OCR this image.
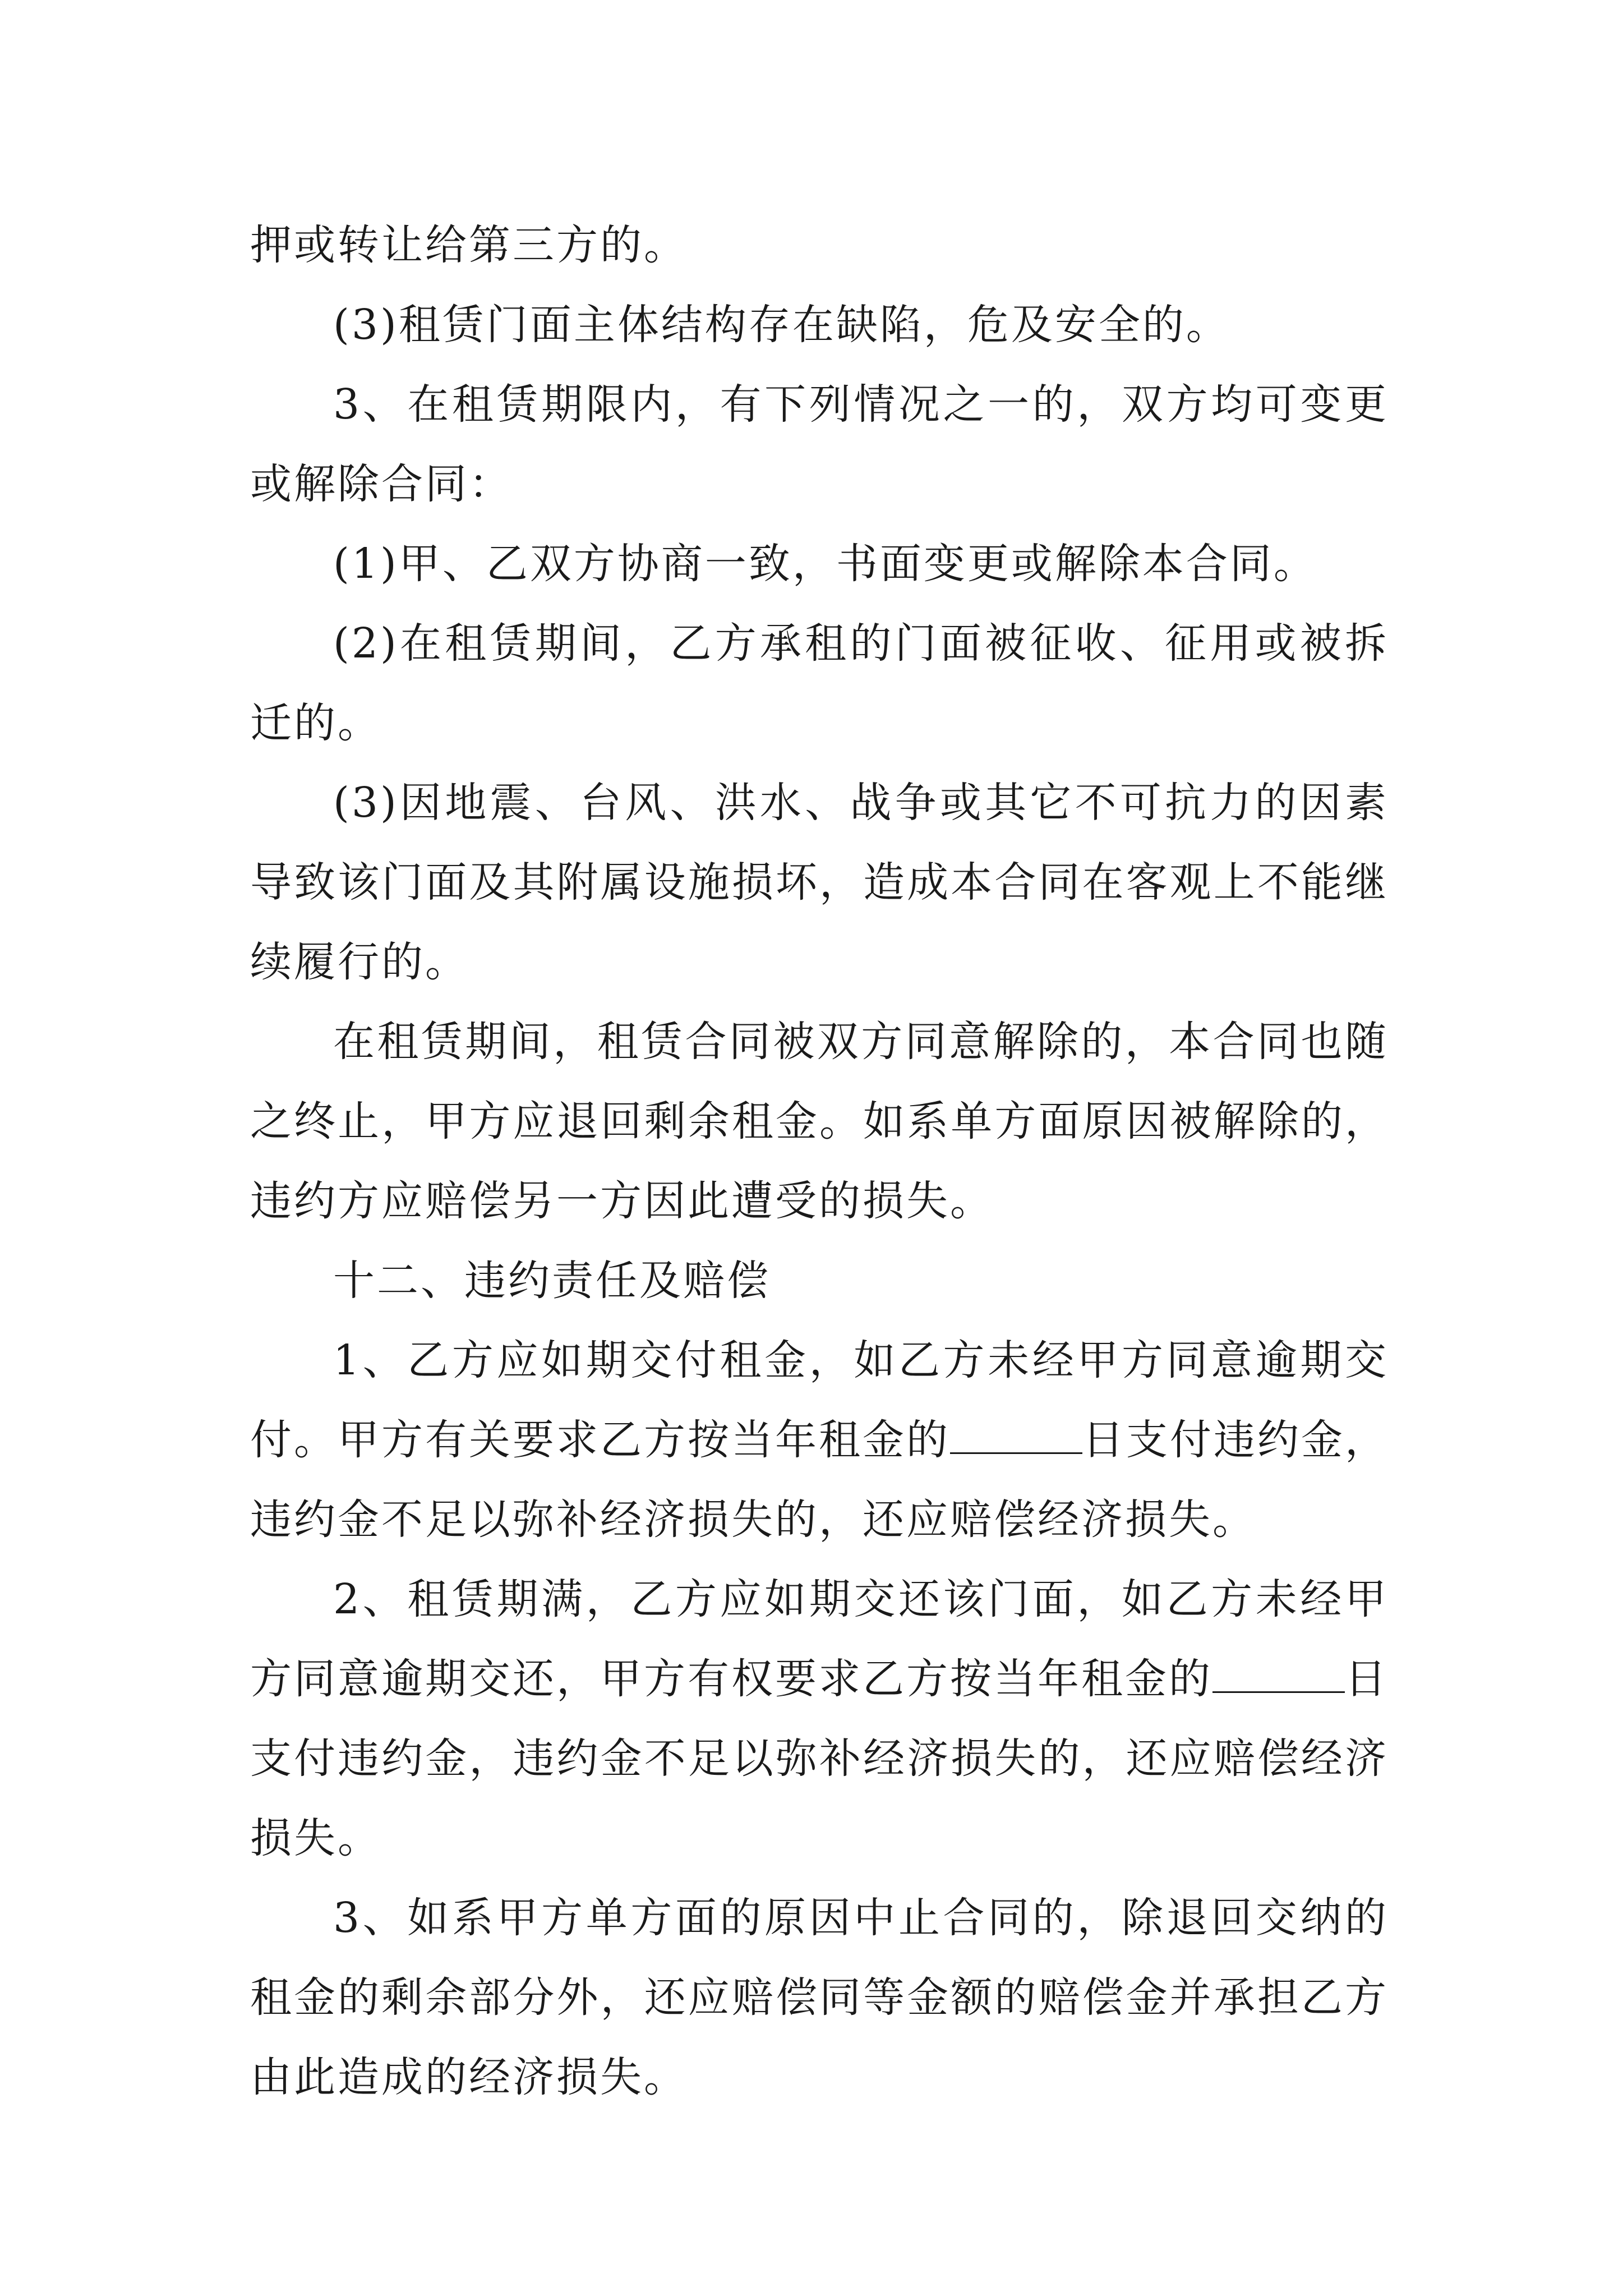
押或转让给第三方的。

(3)租赁门面主体结构存在缺陷，危及安全的。

3、在租赁期限内，有下列情况之一的，双方均可变更或解除合同：

(1)甲、乙双方协商一致，书面变更或解除本合同。

(2)在租赁期间，乙方承租的门面被征收、征用或被拆迁的。

(3)因地震、台风、洪水、战争或其它不可抗力的因素导致该门面及其附属设施损坏，造成本合同在客观上不能继续履行的。

在租赁期间，租赁合同被双方同意解除的，本合同也随之终止，甲方应退回剩余租金。如系单方面原因被解除的，违约方应赔偿另一方因此遭受的损失。

十二、违约责任及赔偿

1、乙方应如期交付租金，如乙方未经甲方同意逾期交付。甲方有关要求乙方按当年租金的	日支付违约金，违约金不足以弥补经济损失的，还应赔偿经济损失。

2、租赁期满，乙方应如期交还该门面，如乙方未经甲方同意逾期交还，甲方有权要求乙方按当年租金的	日支付违约金，违约金不足以弥补经济损失的，还应赔偿经济损失。

3、如系甲方单方面的原因中止合同的，除退回交纳的租金的剩余部分外，还应赔偿同等金额的赔偿金并承担乙方由此造成的经济损失。
